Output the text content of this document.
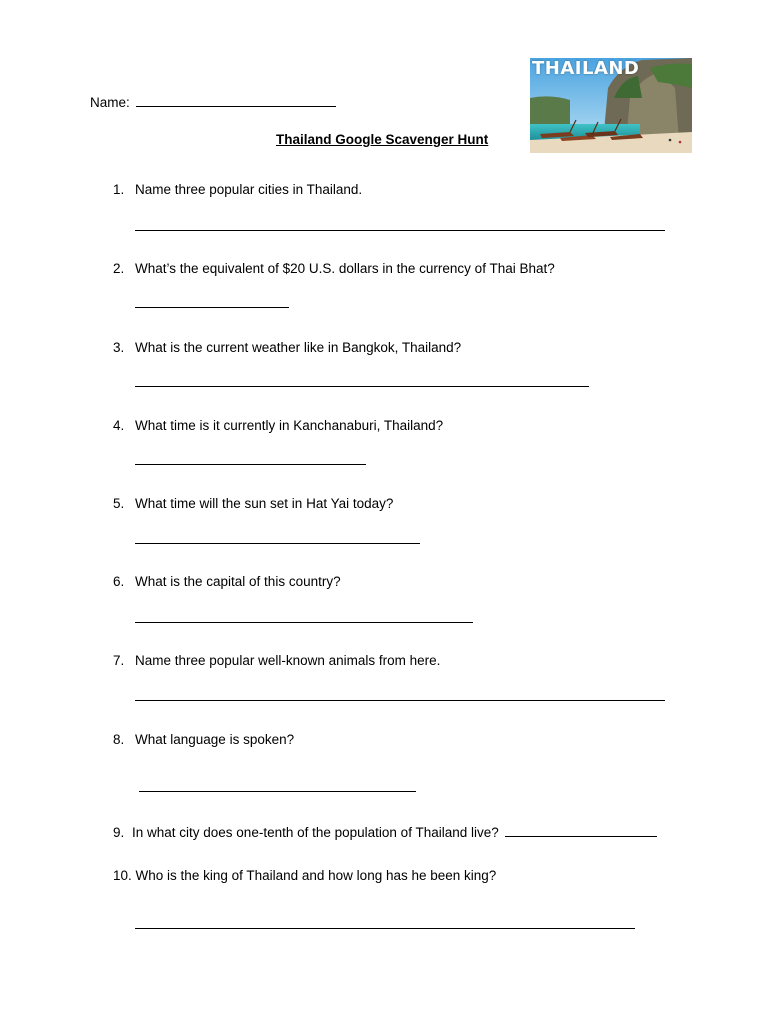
Name:
Thailand Google Scavenger Hunt
THAILAND
1. Name three popular cities in Thailand.
2. What’s the equivalent of $20 U.S. dollars in the currency of Thai Bhat?
3. What is the current weather like in Bangkok, Thailand?
4. What time is it currently in Kanchanaburi, Thailand?
5. What time will the sun set in Hat Yai today?
6. What is the capital of this country?
7. Name three popular well-known animals from here.
8. What language is spoken?
9. In what city does one-tenth of the population of Thailand live?
10. Who is the king of Thailand and how long has he been king?
